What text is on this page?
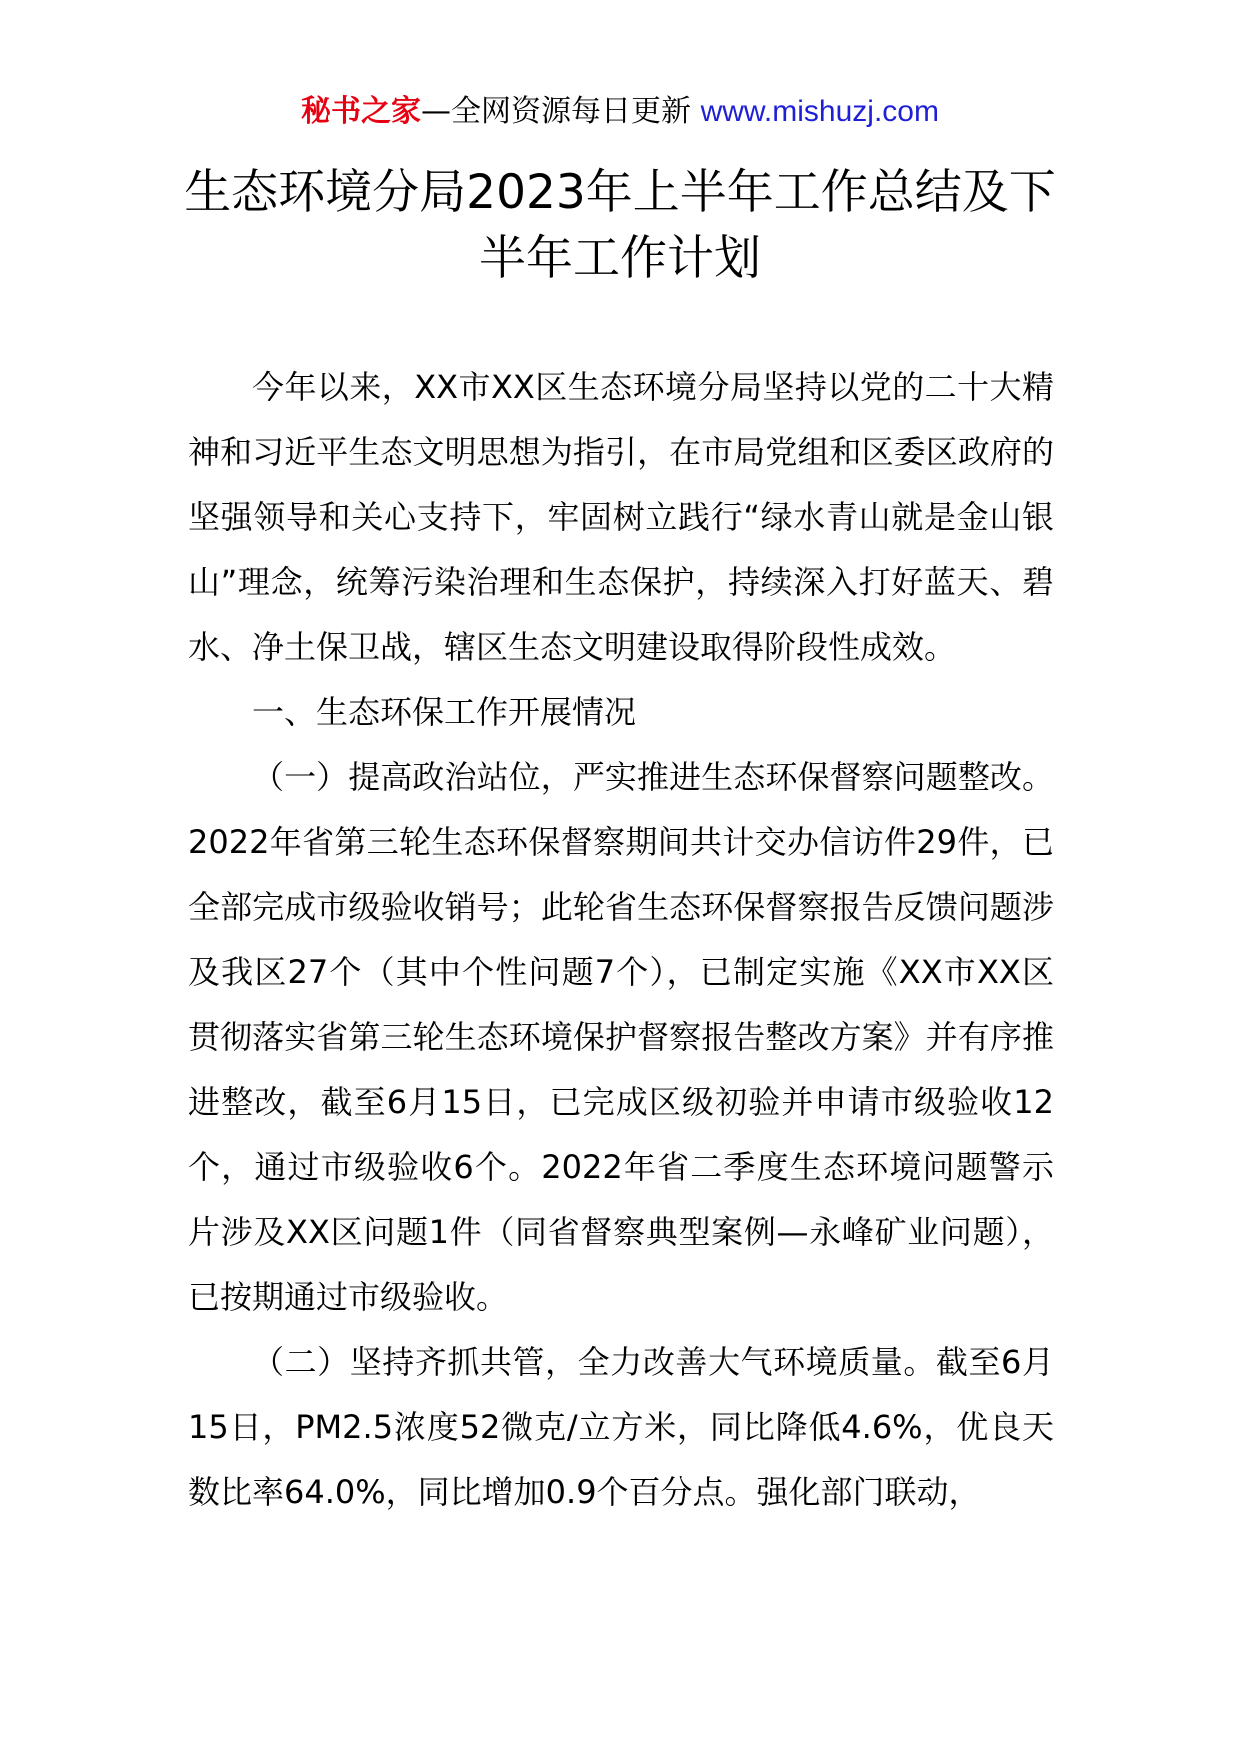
秘书之家—全网资源每日更新 www.mishuzj.com
生态环境分局2023年上半年工作总结及下
半年工作计划

今年以来，XX市XX区生态环境分局坚持以党的二十大精神和习近平生态文明思想为指引，在市局党组和区委区政府的坚强领导和关心支持下，牢固树立践行“绿水青山就是金山银山”理念，统筹污染治理和生态保护，持续深入打好蓝天、碧水、净土保卫战，辖区生态文明建设取得阶段性成效。

一、生态环保工作开展情况

（一）提高政治站位，严实推进生态环保督察问题整改。2022年省第三轮生态环保督察期间共计交办信访件29件，已全部完成市级验收销号；此轮省生态环保督察报告反馈问题涉及我区27个（其中个性问题7个），已制定实施《XX市XX区贯彻落实省第三轮生态环境保护督察报告整改方案》并有序推进整改，截至6月15日，已完成区级初验并申请市级验收12个，通过市级验收6个。2022年省二季度生态环境问题警示片涉及XX区问题1件（同省督察典型案例—永峰矿业问题），已按期通过市级验收。

（二）坚持齐抓共管，全力改善大气环境质量。截至6月15日，PM2.5浓度52微克/立方米，同比降低4.6%，优良天数比率64.0%，同比增加0.9个百分点。强化部门联动，
